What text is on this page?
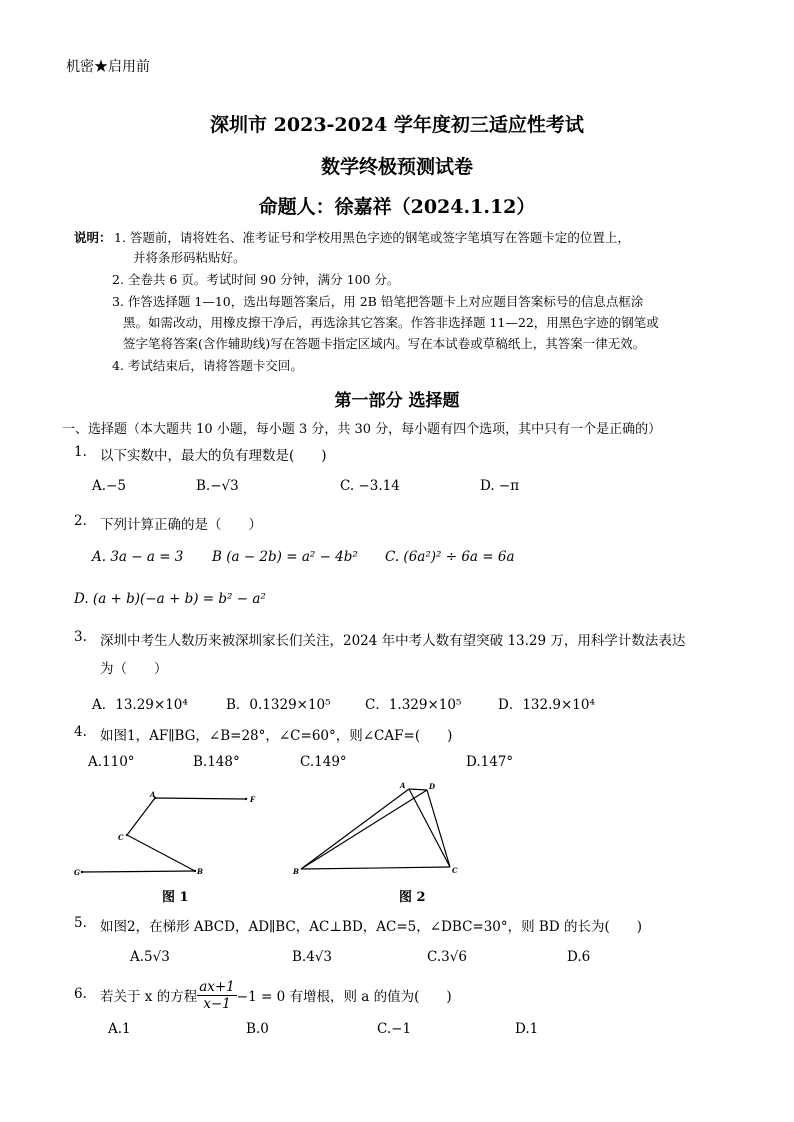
机密★启用前
深圳市 2023-2024 学年度初三适应性考试
数学终极预测试卷
命题人：徐嘉祥（2024.1.12）
说明： 1. 答题前，请将姓名、准考证号和学校用黑色字迹的钢笔或签字笔填写在答题卡定的位置上，
并将条形码粘贴好。
2. 全卷共 6 页。考试时间 90 分钟，满分 100 分。
3. 作答选择题 1—10，选出每题答案后，用 2B 铅笔把答题卡上对应题目答案标号的信息点框涂
黑。如需改动，用橡皮擦干净后，再选涂其它答案。作答非选择题 11—22，用黑色字迹的钢笔或
签字笔将答案(含作辅助线)写在答题卡指定区域内。写在本试卷或草稿纸上，其答案一律无效。
4. 考试结束后，请将答题卡交回。
第一部分 选择题
一、选择题（本大题共 10 小题，每小题 3 分，共 30 分，每小题有四个选项，其中只有一个是正确的）
1. 以下实数中，最大的负有理数是(　　)
A.−5	B.−√3	C. −3.14	D. −π
2. 下列计算正确的是（　　）
A. 3a − a = 3 B (a − 2b) = a² − 4b² C. (6a²)² ÷ 6a = 6a
D. (a + b)(−a + b) = b² − a²
3. 深圳中考生人数历来被深圳家长们关注，2024 年中考人数有望突破 13.29 万，用科学计数法表达
为（　　）
A．13.29×10⁴	B．0.1329×10⁵	C．1.329×10⁵	D．132.9×10⁴
4. 如图1，AF∥BG，∠B=28°，∠C=60°，则∠CAF=(　　)
A.110°	B.148°	C.149°	D.147°
A
F
C
G	B
图 1
A	D
B	C
图 2
5. 如图2，在梯形 ABCD，AD∥BC，AC⊥BD，AC=5，∠DBC=30°，则 BD 的长为(　　)
A.5√3	B.4√3	C.3√6	D.6
6. 若关于 x 的方程 $\frac{ax+1}{x-1} -1 = 0$ 有增根，则 a 的值为(　　)
A.1	B.0	C.−1	D.1
